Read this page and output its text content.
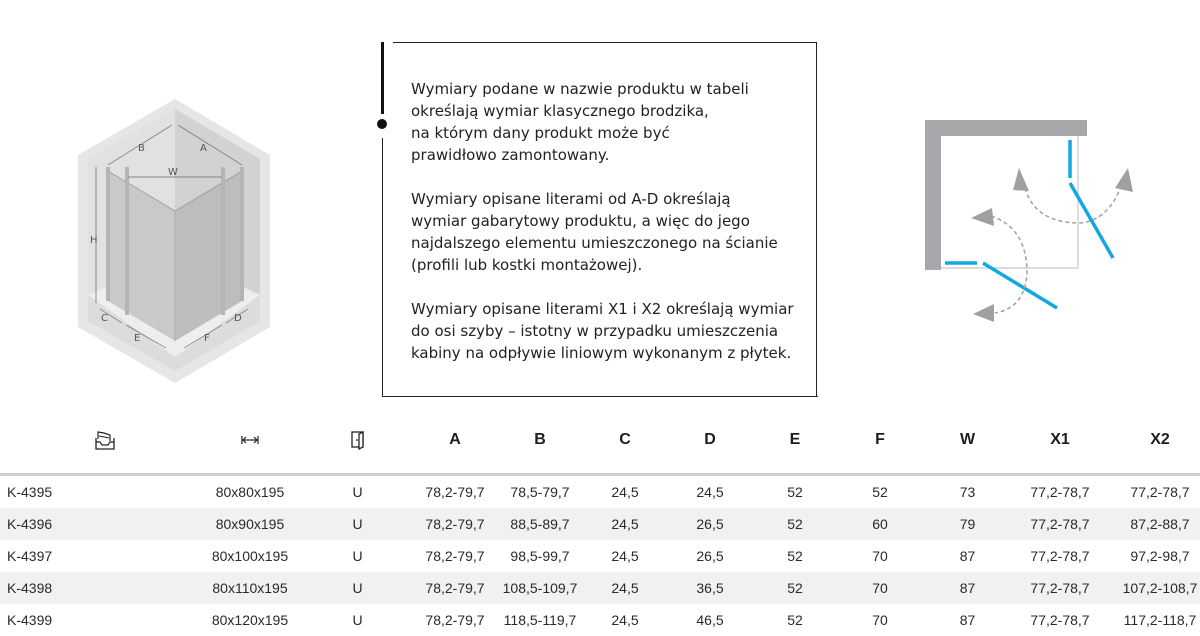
B	A
W
H
C
E	F
D

Wymiary podane w nazwie produktu w tabeli
określają wymiar klasycznego brodzika,
na którym dany produkt może być
prawidłowo zamontowany.

Wymiary opisane literami od A-D określają
wymiar gabarytowy produktu, a więc do jego
najdalszego elementu umieszczonego na ścianie
(profili lub kostki montażowej).

Wymiary opisane literami X1 i X2 określają wymiar
do osi szyby – istotny w przypadku umieszczenia
kabiny na odpływie liniowym wykonanym z płytek.

			A	B	C	D	E	F	W	X1	X2

K-4395	80x80x195	U	78,2-79,7	78,5-79,7	24,5	24,5	52	52	73	77,2-78,7	77,2-78,7
K-4396	80x90x195	U	78,2-79,7	88,5-89,7	24,5	26,5	52	60	79	77,2-78,7	87,2-88,7
K-4397	80x100x195	U	78,2-79,7	98,5-99,7	24,5	26,5	52	70	87	77,2-78,7	97,2-98,7
K-4398	80x110x195	U	78,2-79,7	108,5-109,7	24,5	36,5	52	70	87	77,2-78,7	107,2-108,7
K-4399	80x120x195	U	78,2-79,7	118,5-119,7	24,5	46,5	52	70	87	77,2-78,7	117,2-118,7
